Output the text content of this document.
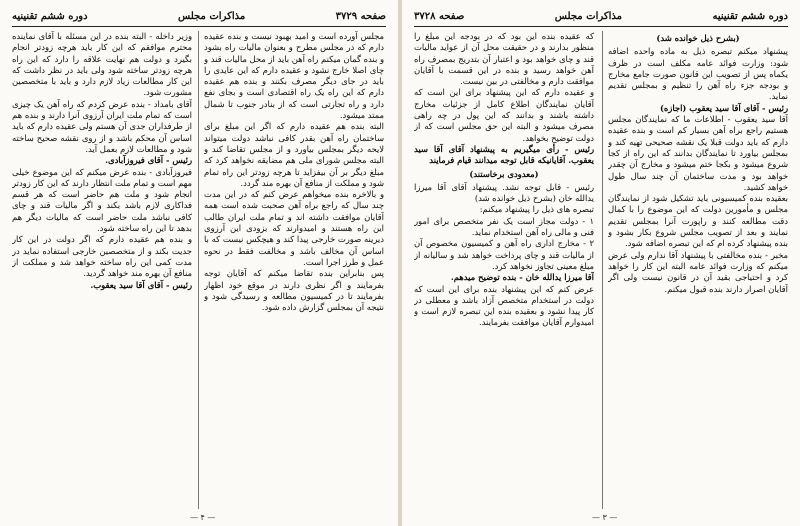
صفحه ۳۷۲۹
مذاکرات مجلس
دوره ششم تقنینیه

مجلس آورده است و امید بهبود نیست و بنده عقیده دارم که در مجلس مطرح و بعنوان مالیات راه بشود و بنده گمان میکنم راه آهن باید از محل مالیات قند و چای اصلا خارج نشود و عقیده دارم که این عایدی را باید در جای دیگر مصرف بکنند و بنده هم عقیده دارم که این راه یک راه اقتصادی است و بجای نفع دارد و راه تجارتی است که از بنادر جنوب تا شمال ممتد میشود.

البته بنده هم عقیده دارم که اگر این مبلغ برای ساختمان راه آهن بقدر کافی نباشد دولت میتواند لایحه دیگر بمجلس بیاورد و از مجلس تقاضا کند و البته مجلس شورای ملی هم مضایقه نخواهد کرد که مبلغ دیگر بر آن بیفزاید تا هرچه زودتر این راه تمام شود و مملکت از منافع آن بهره مند گردد.

و بالاخره بنده میخواهم عرض کنم که در این مدت چند سال که راجع براه آهن صحبت شده است همه آقایان موافقت داشته اند و تمام ملت ایران طالب این راه هستند و امیدوارند که بزودی این آرزوی دیرینه صورت خارجی پیدا کند و هیچکس نیست که با اساس آن مخالف باشد و مخالفت فقط در نحوه عمل و طرز اجرا است.

پس بنابراین بنده تقاضا میکنم که آقایان توجه بفرمایند و اگر نظری دارند در موقع خود اظهار بفرمایند تا در کمیسیون مطالعه و رسیدگی شود و نتیجه آن بمجلس گزارش داده شود.

وزیر داخله - البته بنده در این مسئله با آقای نماینده محترم موافقم که این کار باید هرچه زودتر انجام بگیرد و دولت هم نهایت علاقه را دارد که این راه هرچه زودتر ساخته شود ولی باید در نظر داشت که این کار مطالعات زیاد لازم دارد و باید با متخصصین مشورت شود.

آقای بامداد - بنده عرض کردم که راه آهن یک چیزی است که تمام ملت ایران آرزوی آنرا دارند و بنده هم از طرفداران جدی آن هستم ولی عقیده دارم که باید اساس آن محکم باشد و از روی نقشه صحیح ساخته شود و مطالعات لازم بعمل آید.

رئیس - آقای فیروزآبادی.

فیروزآبادی - بنده عرض میکنم که این موضوع خیلی مهم است و تمام ملت انتظار دارند که این کار زودتر انجام شود و ملت هم حاضر است که هر قسم فداکاری لازم باشد بکند و اگر مالیات قند و چای کافی نباشد ملت حاضر است که مالیات دیگر هم بدهد تا این راه ساخته شود.

و بنده هم عقیده دارم که اگر دولت در این کار جدیت بکند و از متخصصین خارجی استفاده نماید در مدت کمی این راه ساخته خواهد شد و مملکت از منافع آن بهره مند خواهد گردید.

رئیس - آقای آقا سید یعقوب.

— ۴ —
دوره ششم تقنینیه
مذاکرات مجلس
صفحه ۳۷۲۸

(بشرح ذیل خوانده شد)

پیشنهاد میکنم تبصره ذیل به ماده واحده اضافه شود: وزارت فوائد عامه مکلف است در ظرف یکماه پس از تصویب این قانون صورت جامع مخارج و بودجه جزء راه آهن را تنظیم و بمجلس تقدیم نماید.

رئیس - آقای آقا سید یعقوب (اجازه)

آقا سید یعقوب - اطلاعات ما که نمایندگان مجلس هستیم راجع براه آهن بسیار کم است و بنده عقیده دارم که باید دولت قبلا یک نقشه صحیحی تهیه کند و بمجلس بیاورد تا نمایندگان بدانند که این راه از کجا شروع میشود و بکجا ختم میشود و مخارج آن چقدر خواهد بود و مدت ساختمان آن چند سال طول خواهد کشید.

بعقیده بنده کمیسیونی باید تشکیل شود از نمایندگان مجلس و مأمورین دولت که این موضوع را با کمال دقت مطالعه کنند و راپورت آنرا بمجلس تقدیم نمایند و بعد از تصویب مجلس شروع بکار بشود و بنده پیشنهاد کرده ام که این تبصره اضافه شود.

مخبر - بنده مخالفتی با پیشنهاد آقا ندارم ولی عرض میکنم که وزارت فوائد عامه البته این کار را خواهد کرد و احتیاجی بقید آن در قانون نیست ولی اگر آقایان اصرار دارند بنده قبول میکنم.

که عقیده بنده این بود که در بودجه این مبلغ را منظور بدارند و در حقیقت محل آن از عواید مالیات قند و چای خواهد بود و اعتبار آن بتدریج بمصرف راه آهن خواهد رسید و بنده در این قسمت با آقایان موافقت دارم و مخالفتی در بین نیست.

و عقیده دارم که این پیشنهاد برای این است که آقایان نمایندگان اطلاع کامل از جزئیات مخارج داشته باشند و بدانند که این پول در چه راهی مصرف میشود و البته این حق مجلس است که از دولت توضیح بخواهد.

رئیس - رأی میگیریم به پیشنهاد آقای آقا سید یعقوب. آقایانیکه قابل توجه میدانند قیام فرمایند

(معدودی برخاستند)

رئیس - قابل توجه نشد. پیشنهاد آقای آقا میرزا یدالله خان (بشرح ذیل خوانده شد)

تبصره های ذیل را پیشنهاد میکنم:

۱ - دولت مجاز است یک نفر متخصص برای امور فنی و مالی راه آهن استخدام نماید.

۲ - مخارج اداری راه آهن و کمیسیون مخصوص آن از مالیات قند و چای پرداخت خواهد شد و سالیانه از مبلغ معینی تجاوز نخواهد کرد.

آقا میرزا یدالله خان - بنده توضیح میدهم.

عرض کنم که این پیشنهاد بنده برای این است که دولت در استخدام متخصص آزاد باشد و معطلی در کار پیدا نشود و بعقیده بنده این تبصره لازم است و امیدوارم آقایان موافقت بفرمایند.

— ۳ —
